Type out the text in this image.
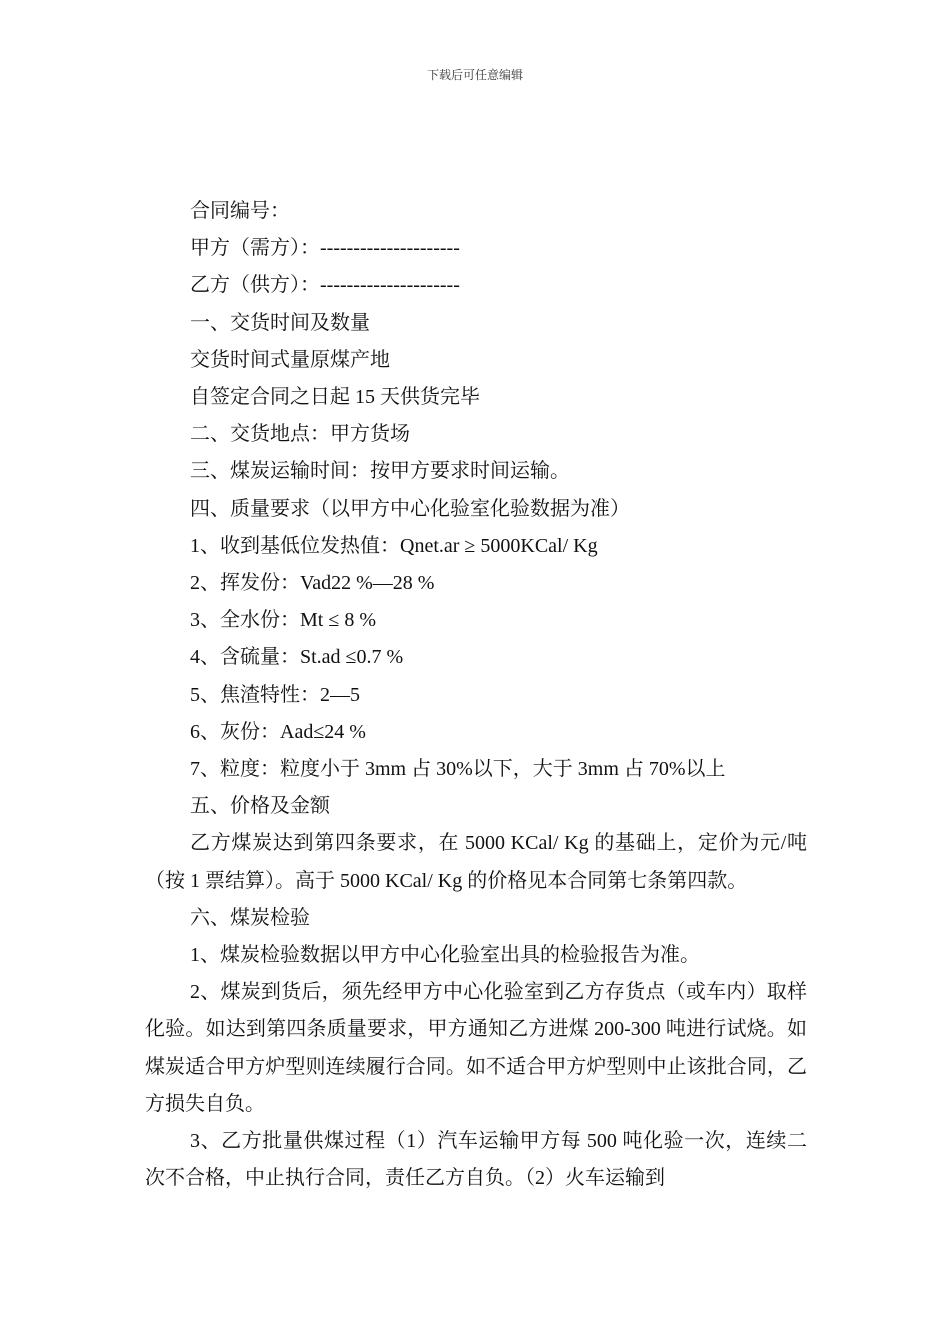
下载后可任意编辑
合同编号：
甲方（需方）：---------------------
乙方（供方）：---------------------
一、交货时间及数量
交货时间式量原煤产地
自签定合同之日起 15 天供货完毕
二、交货地点：甲方货场
三、煤炭运输时间：按甲方要求时间运输。
四、质量要求（以甲方中心化验室化验数据为准）
1、收到基低位发热值：Qnet.ar ≥ 5000KCal/ Kg
2、挥发份：Vad22 %—28 %
3、全水份：Mt ≤ 8 %
4、含硫量：St.ad ≤0.7 %
5、焦渣特性：2—5
6、灰份：Aad≤24 %
7、粒度：粒度小于 3mm 占 30%以下，大于 3mm 占 70%以上
五、价格及金额
乙方煤炭达到第四条要求，在 5000 KCal/ Kg 的基础上，定价为元/吨（按 1 票结算）。高于 5000 KCal/ Kg 的价格见本合同第七条第四款。
六、煤炭检验
1、煤炭检验数据以甲方中心化验室出具的检验报告为准。
2、煤炭到货后，须先经甲方中心化验室到乙方存货点（或车内）取样化验。如达到第四条质量要求，甲方通知乙方进煤 200-300 吨进行试烧。如煤炭适合甲方炉型则连续履行合同。如不适合甲方炉型则中止该批合同，乙方损失自负。
3、乙方批量供煤过程（1）汽车运输甲方每 500 吨化验一次，连续二次不合格，中止执行合同，责任乙方自负。（2）火车运输到
